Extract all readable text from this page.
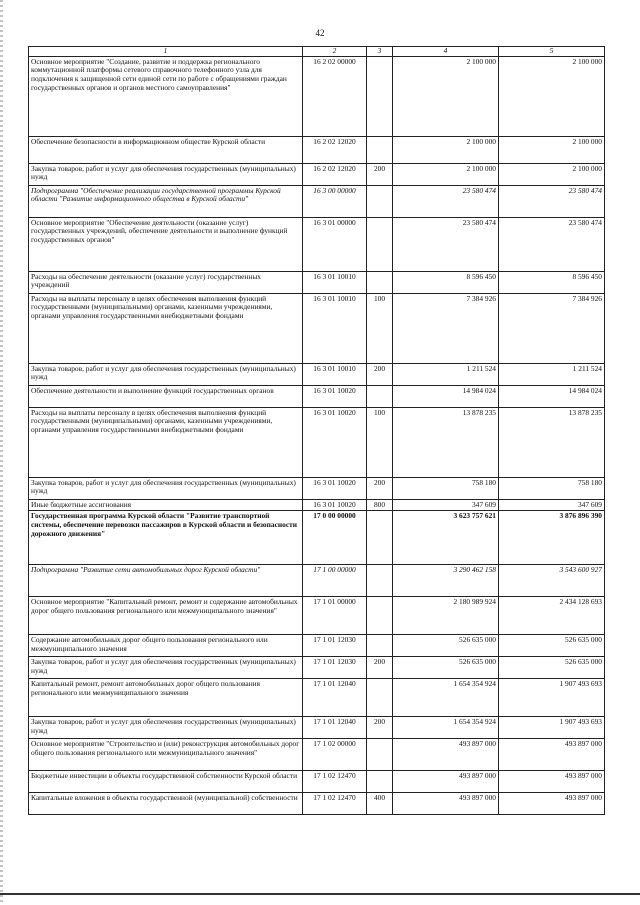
42
1	2	3	4	5
Основное мероприятие "Создание, развитие и поддержка регионального коммутационной платформы сетевого справочного телефонного узла для подключения к защищенной сети единой сети по работе с обращениями граждан государственных органов и органов местного самоуправления"	16 2 02 00000		2 100 000	2 100 000
Обеспечение безопасности в информационном обществе Курской области	16 2 02 12020		2 100 000	2 100 000
Закупка товаров, работ и услуг для обеспечения государственных (муниципальных) нужд	16 2 02 12020	200	2 100 000	2 100 000
Подпрограмма "Обеспечение реализации государственной программы Курской области "Развитие информационного общества в Курской области"	16 3 00 00000		23 580 474	23 580 474
Основное мероприятие "Обеспечение деятельности (оказание услуг) государственных учреждений, обеспечение деятельности и выполнение функций государственных органов"	16 3 01 00000		23 580 474	23 580 474
Расходы на обеспечение деятельности (оказание услуг) государственных учреждений	16 3 01 10010		8 596 450	8 596 450
Расходы на выплаты персоналу в целях обеспечения выполнения функций государственными (муниципальными) органами, казенными учреждениями, органами управления государственными внебюджетными фондами	16 3 01 10010	100	7 384 926	7 384 926
Закупка товаров, работ и услуг для обеспечения государственных (муниципальных) нужд	16 3 01 10010	200	1 211 524	1 211 524
Обеспечение деятельности и выполнение функций государственных органов	16 3 01 10020		14 984 024	14 984 024
Расходы на выплаты персоналу в целях обеспечения выполнения функций государственными (муниципальными) органами, казенными учреждениями, органами управления государственными внебюджетными фондами	16 3 01 10020	100	13 878 235	13 878 235
Закупка товаров, работ и услуг для обеспечения государственных (муниципальных) нужд	16 3 01 10020	200	758 180	758 180
Иные бюджетные ассигнования	16 3 01 10020	800	347 609	347 609
Государственная программа Курской области "Развитие транспортной системы, обеспечение перевозки пассажиров в Курской области и безопасности дорожного движения"	17 0 00 00000		3 623 757 621	3 876 896 390
Подпрограмма "Развитие сети автомобильных дорог Курской области"	17 1 00 00000		3 290 462 158	3 543 600 927
Основное мероприятие "Капитальный ремонт, ремонт и содержание автомобильных дорог общего пользования регионального или межмуниципального значения"	17 1 01 00000		2 180 989 924	2 434 128 693
Содержание автомобильных дорог общего пользования регионального или межмуниципального значения	17 1 01 12030		526 635 000	526 635 000
Закупка товаров, работ и услуг для обеспечения государственных (муниципальных) нужд	17 1 01 12030	200	526 635 000	526 635 000
Капитальный ремонт, ремонт автомобильных дорог общего пользования регионального или межмуниципального значения	17 1 01 12040		1 654 354 924	1 907 493 693
Закупка товаров, работ и услуг для обеспечения государственных (муниципальных) нужд	17 1 01 12040	200	1 654 354 924	1 907 493 693
Основное мероприятие "Строительство и (или) реконструкция автомобильных дорог общего пользования регионального или межмуниципального значения"	17 1 02 00000		493 897 000	493 897 000
Бюджетные инвестиции в объекты государственной собственности Курской области	17 1 02 12470		493 897 000	493 897 000
Капитальные вложения в объекты государственной (муниципальной) собственности	17 1 02 12470	400	493 897 000	493 897 000
